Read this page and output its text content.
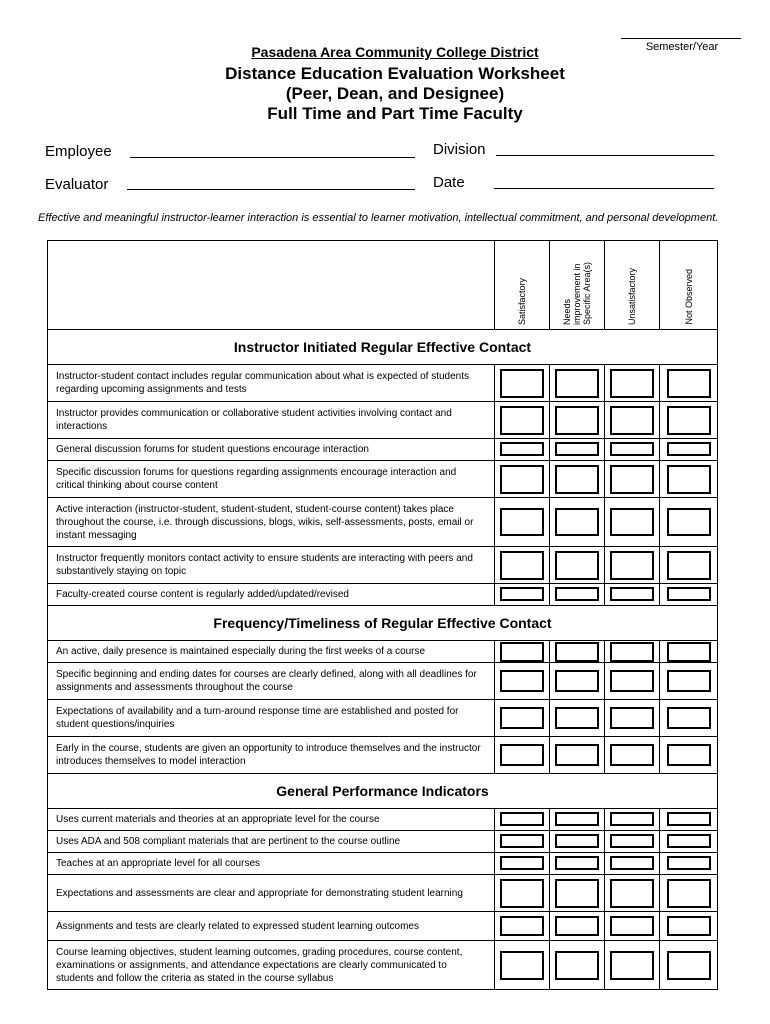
Semester/Year
Pasadena Area Community College District
Distance Education Evaluation Worksheet
(Peer, Dean, and Designee)
Full Time and Part Time Faculty
Employee	Division
Evaluator	Date
Effective and meaningful instructor-learner interaction is essential to learner motivation, intellectual commitment, and personal development.

	Satisfactory	Needs
improvement in
Specific Area(s)	Unsatisfactory	Not Observed

Instructor Initiated Regular Effective Contact				
Instructor-student contact includes regular communication about what is expected of students regarding upcoming assignments and tests				
Instructor provides communication or collaborative student activities involving contact and interactions				
General discussion forums for student questions encourage interaction				
Specific discussion forums for questions regarding assignments encourage interaction and critical thinking about course content				
Active interaction (instructor-student, student-student, student-course content) takes place throughout the course, i.e. through discussions, blogs, wikis, self-assessments, posts, email or instant messaging				
Instructor frequently monitors contact activity to ensure students are interacting with peers and substantively staying on topic				
Faculty-created course content is regularly added/updated/revised				
Frequency/Timeliness of Regular Effective Contact				
An active, daily presence is maintained especially during the first weeks of a course				
Specific beginning and ending dates for courses are clearly defined, along with all deadlines for assignments and assessments throughout the course				
Expectations of availability and a turn-around response time are established and posted for student questions/inquiries				
Early in the course, students are given an opportunity to introduce themselves and the instructor introduces themselves to model interaction				
General Performance Indicators				
Uses current materials and theories at an appropriate level for the course				
Uses ADA and 508 compliant materials that are pertinent to the course outline				
Teaches at an appropriate level for all courses				
Expectations and assessments are clear and appropriate for demonstrating student learning				
Assignments and tests are clearly related to expressed student learning outcomes				
Course learning objectives, student learning outcomes, grading procedures, course content, examinations or assignments, and attendance expectations are clearly communicated to students and follow the criteria as stated in the course syllabus				
